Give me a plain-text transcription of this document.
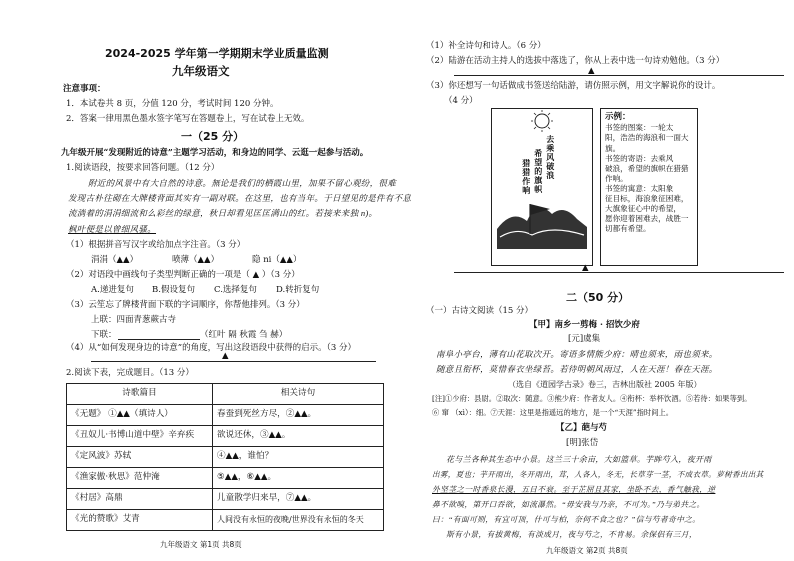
2024-2025 学年第一学期期末学业质量监测
九年级语文
注意事项：
1．本试卷共 8 页，分值 120 分，考试时间 120 分钟。
2．答案一律用黑色墨水签字笔写在答题卷上，写在试卷上无效。
一（25 分）
九年级开展“发现附近的诗意”主题学习活动，和身边的同学、云逛一起参与活动。
1.阅读语段，按要求回答问题。（12 分）
附近的风景中有大自然的诗意。無论是我们的栖霞山里，加果不留心观纷，很难
发现古朴往砌在大牌楼背面其实有一副对联。在这里，也有当年。于日望见的是件有不息
流淌着的涓涓细流和么彩丝的绿意，秋日却看见匡匡满山的红。若接来来独 n)。
枫叶便是以曾细风骚。
（1）根据拼音写汉字或给加点字注音。（3 分）
涓涓（▲▲）	喷薄（▲▲）	隐 ni（▲▲）
（2）对语段中画线句子类型判断正确的一项是（ ▲ ）（3 分）
A.递进复句 B.假设复句 C.选择复句 D.转折复句
（3）云笙忘了牌楼背面下联的字词顺序，你帮他排列。（3 分）
上联：四面青葱蕨古寺
下联：	（红叶 隔 秋霞 刍 赫）
（4）从“如何发现身边的诗意”的角度，写出这段语段中获得的启示。（3 分）
▲
2.阅读下表，完成题目。（13 分）
诗歌篇目	相关诗句
《无题》 ①▲▲（填诗人）	春蚕到死丝方尽，②▲▲。
《丑奴儿·书博山道中壁》辛弃疾	欲说还休，③▲▲。
《定风波》苏轼	④▲▲，谁怕？
《渔家傲·秋思》范仲淹	⑤▲▲，⑥▲▲。
《村居》高鼎	儿童散学归来早，⑦▲▲。
《光的赞歌》艾青	人间没有永恒的夜晚/世界没有永恒的冬天
九年级语文 第1页 共8页
（1）补全诗句和诗人。（6 分）
（2）陆游在活动主持人的选拔中落选了，你从上表中选一句诗劝勉他。（3 分）
▲
（3）你还想写一句话做成书签送给陆游，请仿照示例，用文字解说你的设计。
（4 分）
去乘风破浪
希望的旗帜
猎猎作响
示例：
书签的图案：一轮太
阳，浩浩的海浪和一面大
旗。
书签的寄语：去乘风
破浪，希望的旗帜在猎猎
作响。
书签的寓意：太阳象
征目标，海浪象征困难，
大旗象征心中的希望，
愿你迎着困难去，战胜一
切都有希望。
▲
二（50 分）
（一）古诗文阅读（15 分）
【甲】南乡一剪梅 · 招饮少府
[元]虞集
南阜小亭台，薄有山花取次开。寄语多情熊少府：晴也须来，雨也须来。
随意且衔杯，莫惜春衣坐绿苔。若待明朝风雨过，人在天涯！春在天涯。
（选自《道园学古录》卷三，吉林出版社 2005 年版）
[注]①少府：县尉。②取次：随意。③熊少府：作者友人。④衔杯：举杯饮酒。⑤若待：如果等到。
⑥ 窜 （xì）：细。⑦天涯：这里是指遥远的地方，是一个“天涯”指时间上。
【乙】葩与芍
[明]张岱
花与兰各种其生态中小景。这兰三十余亩，大如篮草。芋眸芍入，夜开雨
出雾，夏也；芋开雨出，冬开雨出，茸，人各入，冬无，长草芽一茎，不成衣草。萝树香出出其
外坚茎之一时香泉长漫，五日不衰。至于芷屈且其家，坐卧不去，香气触我，逆
鼻不欲嗅，第开口吞欲，如流瀑然。“毋安我与乃亲，不可为。”乃与弟共之。
曰：“有面可则，有宜可顶，什可与柏，奈何不食之也？”信与芍者奇中之。
斯有小景，有拔黄梅，有淡成月，夜与芍之，不肯易。余保侣有三月，
九年级语文 第2页 共8页
